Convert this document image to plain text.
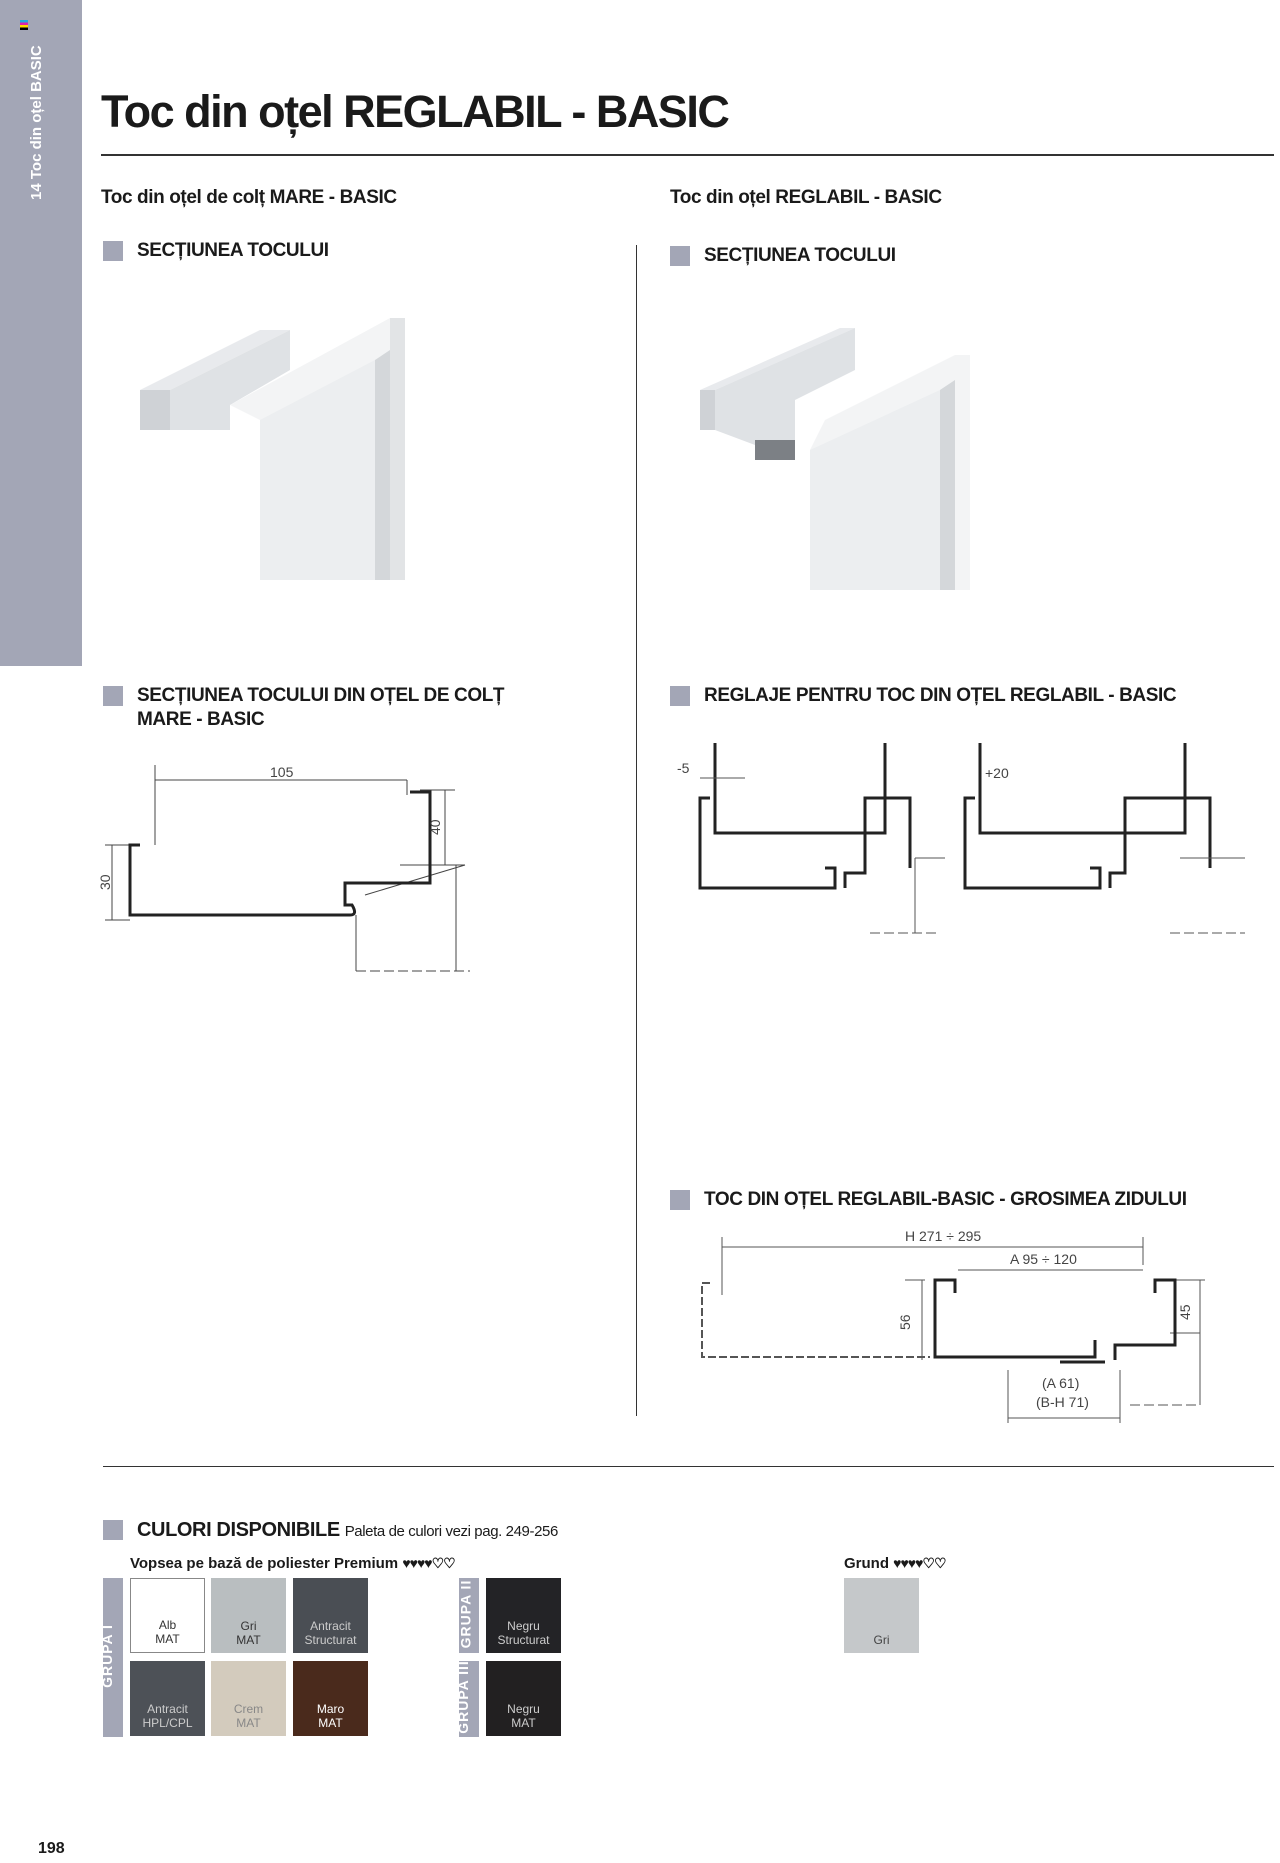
14 Toc din oțel BASIC Toc din oțel REGLABIL - BASIC
Toc din oțel de colț MARE - BASIC	Toc din oțel REGLABIL - BASIC
SECȚIUNEA TOCULUI	SECȚIUNEA TOCULUI
SECȚIUNEA TOCULUI DIN OȚEL DE COLȚ
MARE - BASIC
REGLAJE PENTRU TOC DIN OȚEL REGLABIL - BASIC
105
40
30
-5	+20
TOC DIN OȚEL REGLABIL-BASIC - GROSIMEA ZIDULUI
H 271 ÷ 295
A 95 ÷ 120
56
45
(A 61)
(B-H 71)
CULORI DISPONIBILE Paleta de culori vezi pag. 249-256
Vopsea pe bază de poliester Premium ♥♥♥♥♡♡	Grund ♥♥♥♥♡♡
GRUPA I
GRUPA II
GRUPA III
Alb
MAT
Gri
MAT
Antracit
Structurat
Antracit
HPL/CPL
Crem
MAT
Maro
MAT
Negru
Structurat
Negru
MAT
Gri
198
